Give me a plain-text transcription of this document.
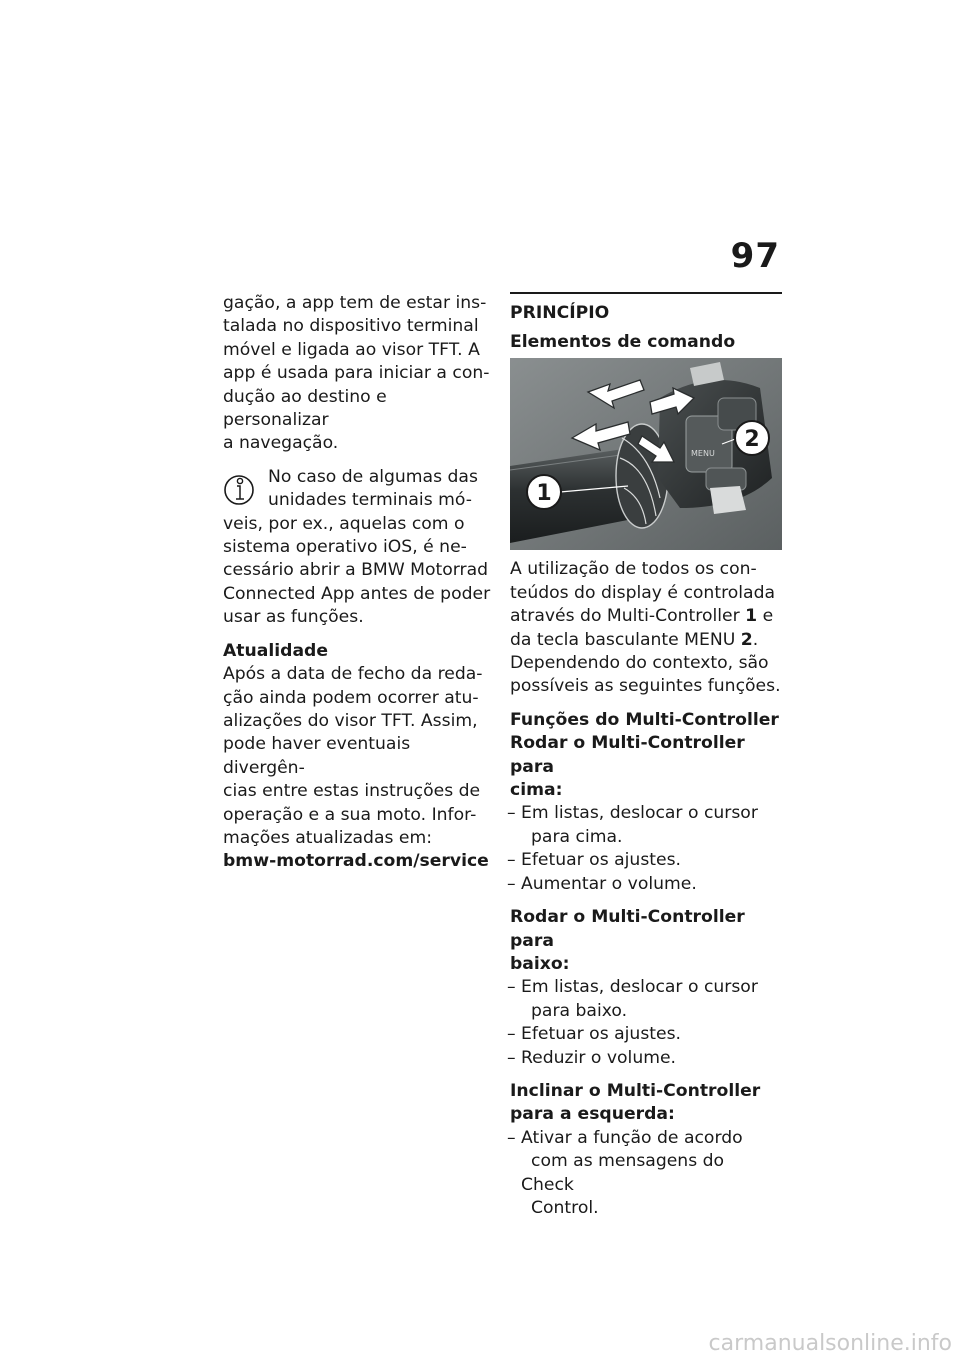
97

gação, a app tem de estar ins-
talada no dispositivo terminal
móvel e ligada ao visor TFT. A
app é usada para iniciar a con-
dução ao destino e personalizar
a navegação.

No caso de algumas das
unidades terminais mó-
veis, por ex., aquelas com o
sistema operativo iOS, é ne-
cessário abrir a BMW Motorrad
Connected App antes de poder
usar as funções.

Atualidade

Após a data de fecho da reda-
ção ainda podem ocorrer atu-
alizações do visor TFT. Assim,
pode haver eventuais divergên-
cias entre estas instruções de
operação e a sua moto. Infor-
mações atualizadas em:
bmw-motorrad.com/service

PRINCÍPIO

Elementos de comando

MENU
1
2

A utilização de todos os con-
teúdos do display é controlada
através do Multi-Controller 1 e
da tecla basculante MENU 2.
Dependendo do contexto, são
possíveis as seguintes funções.

Funções do Multi-Controller

Rodar o Multi-Controller para
cima:

– Em listas, deslocar o cursor
para cima.
– Efetuar os ajustes.
– Aumentar o volume.

Rodar o Multi-Controller para
baixo:

– Em listas, deslocar o cursor
para baixo.
– Efetuar os ajustes.
– Reduzir o volume.

Inclinar o Multi-Controller
para a esquerda:

– Ativar a função de acordo
com as mensagens do Check
Control.
carmanualsonline.info
